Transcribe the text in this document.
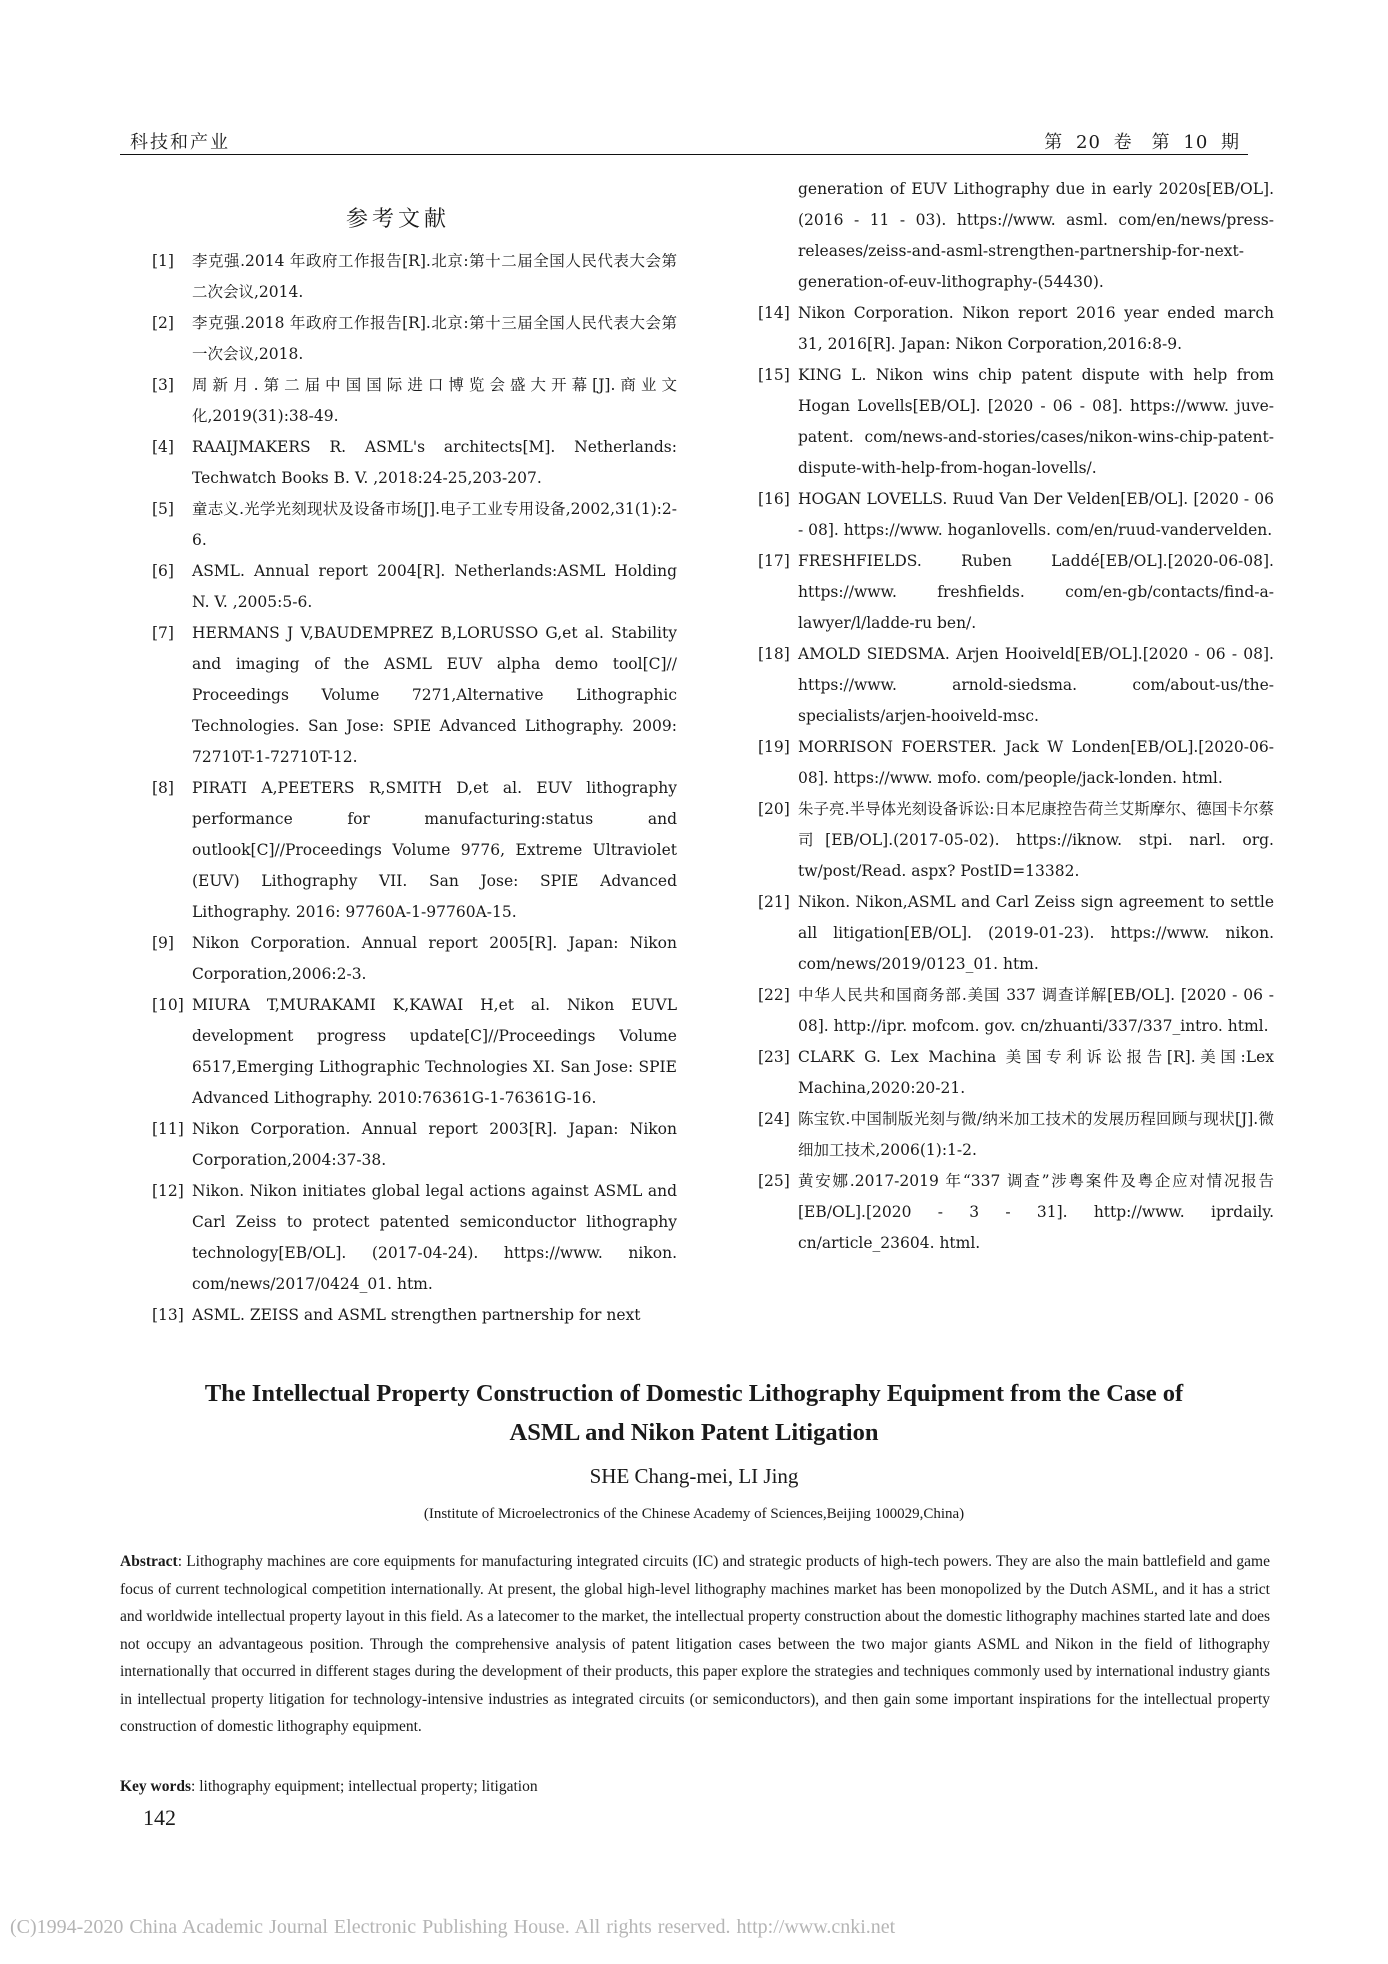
科技和产业	第 20 卷　第 10 期
参考文献
[1] 李克强.2014 年政府工作报告[R].北京:第十二届全国人民代表大会第二次会议,2014.
[2] 李克强.2018 年政府工作报告[R].北京:第十三届全国人民代表大会第一次会议,2018.
[3] 周新月.第二届中国国际进口博览会盛大开幕[J].商业文化,2019(31):38-49.
[4] RAAIJMAKERS R. ASML's architects[M]. Netherlands: Techwatch Books B. V. ,2018:24-25,203-207.
[5] 童志义.光学光刻现状及设备市场[J].电子工业专用设备,2002,31(1):2-6.
[6] ASML. Annual report 2004[R]. Netherlands:ASML Holding N. V. ,2005:5-6.
[7] HERMANS J V,BAUDEMPREZ B,LORUSSO G,et al. Stability and imaging of the ASML EUV alpha demo tool[C]// Proceedings Volume 7271,Alternative Lithographic Technologies. San Jose: SPIE Advanced Lithography. 2009: 72710T-1-72710T-12.
[8] PIRATI A,PEETERS R,SMITH D,et al. EUV lithography performance for manufacturing:status and outlook[C]//Proceedings Volume 9776, Extreme Ultraviolet (EUV) Lithography VII. San Jose: SPIE Advanced Lithography. 2016: 97760A-1-97760A-15.
[9] Nikon Corporation. Annual report 2005[R]. Japan: Nikon Corporation,2006:2-3.
[10] MIURA T,MURAKAMI K,KAWAI H,et al. Nikon EUVL development progress update[C]//Proceedings Volume 6517,Emerging Lithographic Technologies XI. San Jose: SPIE Advanced Lithography. 2010:76361G-1-76361G-16.
[11] Nikon Corporation. Annual report 2003[R]. Japan: Nikon Corporation,2004:37-38.
[12] Nikon. Nikon initiates global legal actions against ASML and Carl Zeiss to protect patented semiconductor lithography technology[EB/OL]. (2017-04-24). https://www. nikon. com/news/2017/0424_01. htm.
[13] ASML. ZEISS and ASML strengthen partnership for next
generation of EUV Lithography due in early 2020s[EB/OL]. (2016 - 11 - 03). https://www. asml. com/en/news/press-releases/zeiss-and-asml-strengthen-partnership-for-next-generation-of-euv-lithography-(54430).
[14] Nikon Corporation. Nikon report 2016 year ended march 31, 2016[R]. Japan: Nikon Corporation,2016:8-9.
[15] KING L. Nikon wins chip patent dispute with help from Hogan Lovells[EB/OL]. [2020 - 06 - 08]. https://www. juve-patent. com/news-and-stories/cases/nikon-wins-chip-patent-dispute-with-help-from-hogan-lovells/.
[16] HOGAN LOVELLS. Ruud Van Der Velden[EB/OL]. [2020 - 06 - 08]. https://www. hoganlovells. com/en/ruud-vandervelden.
[17] FRESHFIELDS. Ruben Laddé[EB/OL].[2020-06-08]. https://www. freshfields. com/en-gb/contacts/find-a-lawyer/l/ladde-ru ben/.
[18] AMOLD SIEDSMA. Arjen Hooiveld[EB/OL].[2020 - 06 - 08]. https://www. arnold-siedsma. com/about-us/the-specialists/arjen-hooiveld-msc.
[19] MORRISON FOERSTER. Jack W Londen[EB/OL].[2020-06-08]. https://www. mofo. com/people/jack-londen. html.
[20] 朱子亮.半导体光刻设备诉讼:日本尼康控告荷兰艾斯摩尔、德国卡尔蔡司[EB/OL].(2017-05-02). https://iknow. stpi. narl. org. tw/post/Read. aspx? PostID=13382.
[21] Nikon. Nikon,ASML and Carl Zeiss sign agreement to settle all litigation[EB/OL]. (2019-01-23). https://www. nikon. com/news/2019/0123_01. htm.
[22] 中华人民共和国商务部.美国 337 调查详解[EB/OL]. [2020 - 06 - 08]. http://ipr. mofcom. gov. cn/zhuanti/337/337_intro. html.
[23] CLARK G. Lex Machina 美国专利诉讼报告[R].美国:Lex Machina,2020:20-21.
[24] 陈宝钦.中国制版光刻与微/纳米加工技术的发展历程回顾与现状[J].微细加工技术,2006(1):1-2.
[25] 黄安娜.2017-2019 年“337 调查”涉粤案件及粤企应对情况报告[EB/OL].[2020 - 3 - 31]. http://www. iprdaily. cn/article_23604. html.
The Intellectual Property Construction of Domestic Lithography Equipment from the Case of
ASML and Nikon Patent Litigation
SHE Chang-mei, LI Jing
(Institute of Microelectronics of the Chinese Academy of Sciences,Beijing 100029,China)
Abstract: Lithography machines are core equipments for manufacturing integrated circuits (IC) and strategic products of high-tech powers. They are also the main battlefield and game focus of current technological competition internationally. At present, the global high-level lithography machines market has been monopolized by the Dutch ASML, and it has a strict and worldwide intellectual property layout in this field. As a latecomer to the market, the intellectual property construction about the domestic lithography machines started late and does not occupy an advantageous position. Through the comprehensive analysis of patent litigation cases between the two major giants ASML and Nikon in the field of lithography internationally that occurred in different stages during the development of their products, this paper explore the strategies and techniques commonly used by international industry giants in intellectual property litigation for technology-intensive industries as integrated circuits (or semiconductors), and then gain some important inspirations for the intellectual property construction of domestic lithography equipment.
Key words: lithography equipment; intellectual property; litigation
142
(C)1994-2020 China Academic Journal Electronic Publishing House. All rights reserved. http://www.cnki.net
